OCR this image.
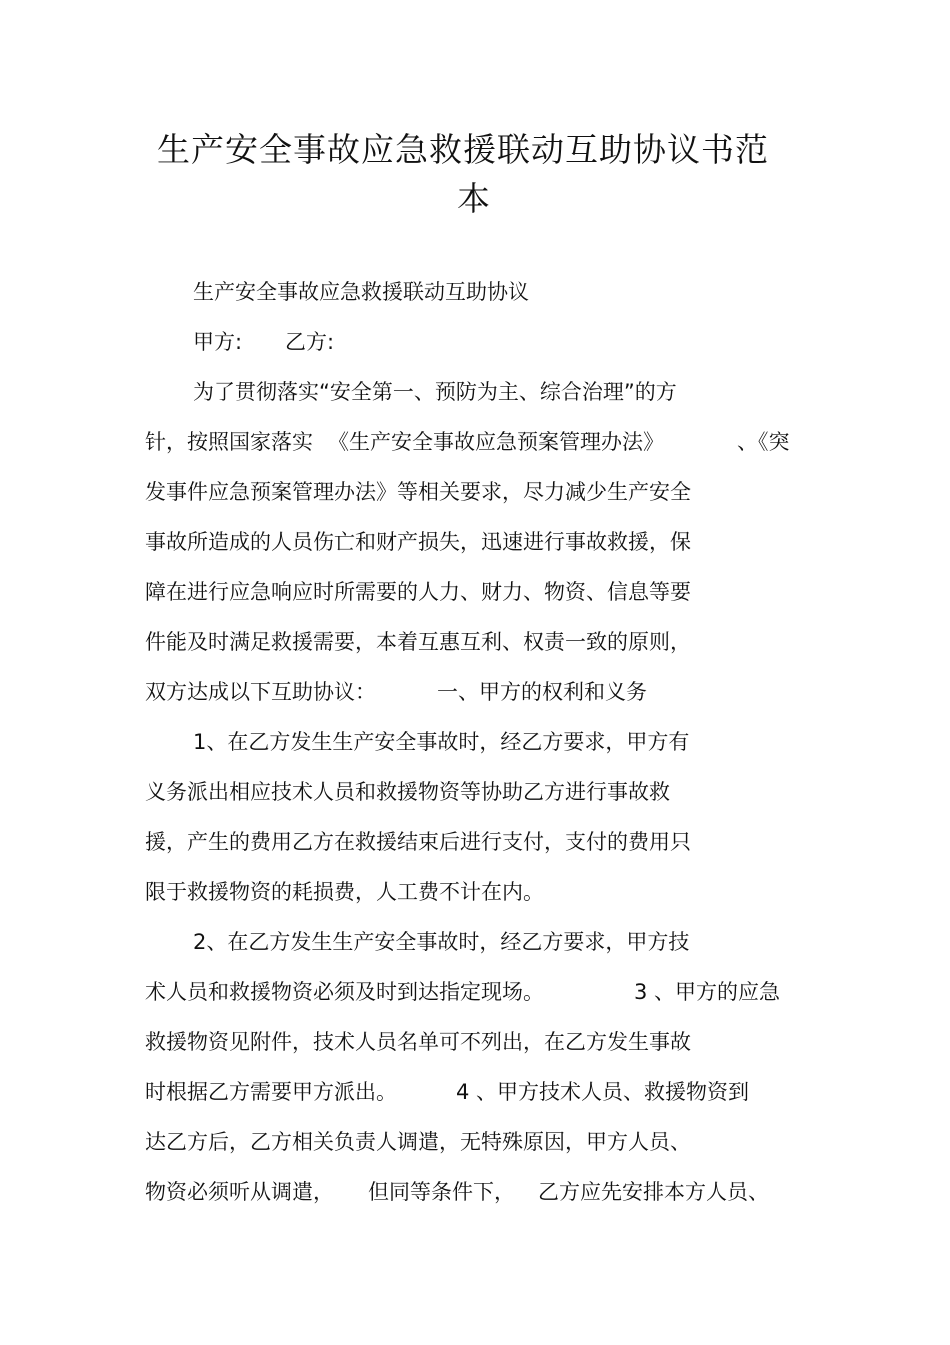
生产安全事故应急救援联动互助协议书范
本
生产安全事故应急救援联动互助协议
甲方: 乙方:
为了贯彻落实“安全第一、预防为主、综合治理”的方
针，按照国家落实 《生产安全事故应急预案管理办法》	、《突
发事件应急预案管理办法》等相关要求，尽力减少生产安全
事故所造成的人员伤亡和财产损失，迅速进行事故救援，保
障在进行应急响应时所需要的人力、财力、物资、信息等要
件能及时满足救援需要，本着互惠互利、权责一致的原则，
双方达成以下互助协议：	一、甲方的权利和义务
1、在乙方发生生产安全事故时，经乙方要求，甲方有
义务派出相应技术人员和救援物资等协助乙方进行事故救
援，产生的费用乙方在救援结束后进行支付，支付的费用只
限于救援物资的耗损费，人工费不计在内。
2、在乙方发生生产安全事故时，经乙方要求，甲方技
术人员和救援物资必须及时到达指定现场。	3 、甲方的应急
救援物资见附件，技术人员名单可不列出，在乙方发生事故
时根据乙方需要甲方派出。	4 、甲方技术人员、救援物资到
达乙方后，乙方相关负责人调遣，无特殊原因，甲方人员、
物资必须听从调遣， 但同等条件下， 乙方应先安排本方人员、
